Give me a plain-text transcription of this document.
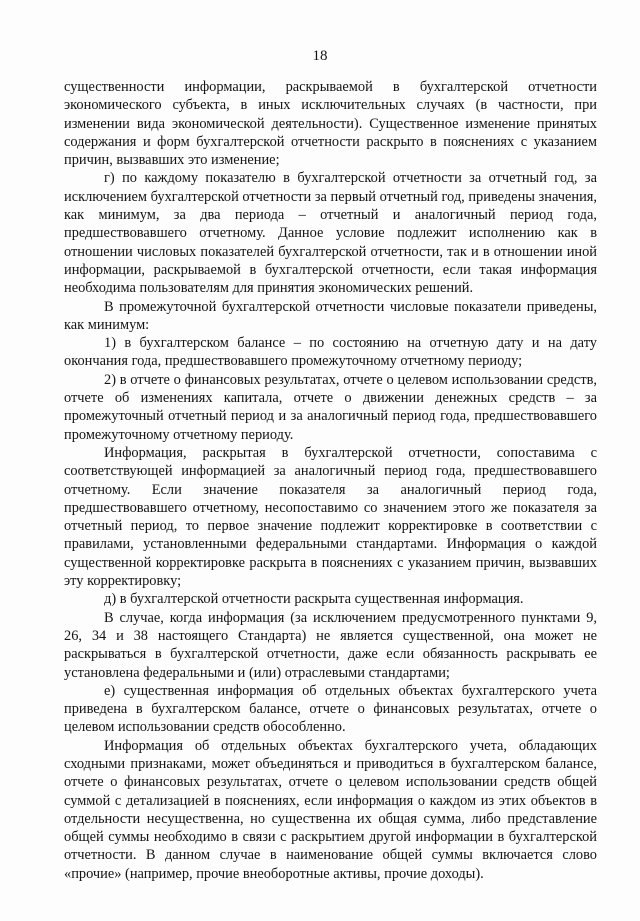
18

существенности информации, раскрываемой в бухгалтерской отчетности экономического субъекта, в иных исключительных случаях (в частности, при изменении вида экономической деятельности). Существенное изменение принятых содержания и форм бухгалтерской отчетности раскрыто в пояснениях с указанием причин, вызвавших это изменение;

г) по каждому показателю в бухгалтерской отчетности за отчетный год, за исключением бухгалтерской отчетности за первый отчетный год, приведены значения, как минимум, за два периода – отчетный и аналогичный период года, предшествовавшего отчетному. Данное условие подлежит исполнению как в отношении числовых показателей бухгалтерской отчетности, так и в отношении иной информации, раскрываемой в бухгалтерской отчетности, если такая информация необходима пользователям для принятия экономических решений.

В промежуточной бухгалтерской отчетности числовые показатели приведены, как минимум:

1) в бухгалтерском балансе – по состоянию на отчетную дату и на дату окончания года, предшествовавшего промежуточному отчетному периоду;

2) в отчете о финансовых результатах, отчете о целевом использовании средств, отчете об изменениях капитала, отчете о движении денежных средств – за промежуточный отчетный период и за аналогичный период года, предшествовавшего промежуточному отчетному периоду.

Информация, раскрытая в бухгалтерской отчетности, сопоставима с соответствующей информацией за аналогичный период года, предшествовавшего отчетному. Если значение показателя за аналогичный период года, предшествовавшего отчетному, несопоставимо со значением этого же показателя за отчетный период, то первое значение подлежит корректировке в соответствии с правилами, установленными федеральными стандартами. Информация о каждой существенной корректировке раскрыта в пояснениях с указанием причин, вызвавших эту корректировку;

д) в бухгалтерской отчетности раскрыта существенная информация.

В случае, когда информация (за исключением предусмотренного пунктами 9, 26, 34 и 38 настоящего Стандарта) не является существенной, она может не раскрываться в бухгалтерской отчетности, даже если обязанность раскрывать ее установлена федеральными и (или) отраслевыми стандартами;

е) существенная информация об отдельных объектах бухгалтерского учета приведена в бухгалтерском балансе, отчете о финансовых результатах, отчете о целевом использовании средств обособленно.

Информация об отдельных объектах бухгалтерского учета, обладающих сходными признаками, может объединяться и приводиться в бухгалтерском балансе, отчете о финансовых результатах, отчете о целевом использовании средств общей суммой с детализацией в пояснениях, если информация о каждом из этих объектов в отдельности несущественна, но существенна их общая сумма, либо представление общей суммы необходимо в связи с раскрытием другой информации в бухгалтерской отчетности. В данном случае в наименование общей суммы включается слово «прочие» (например, прочие внеоборотные активы, прочие доходы).
